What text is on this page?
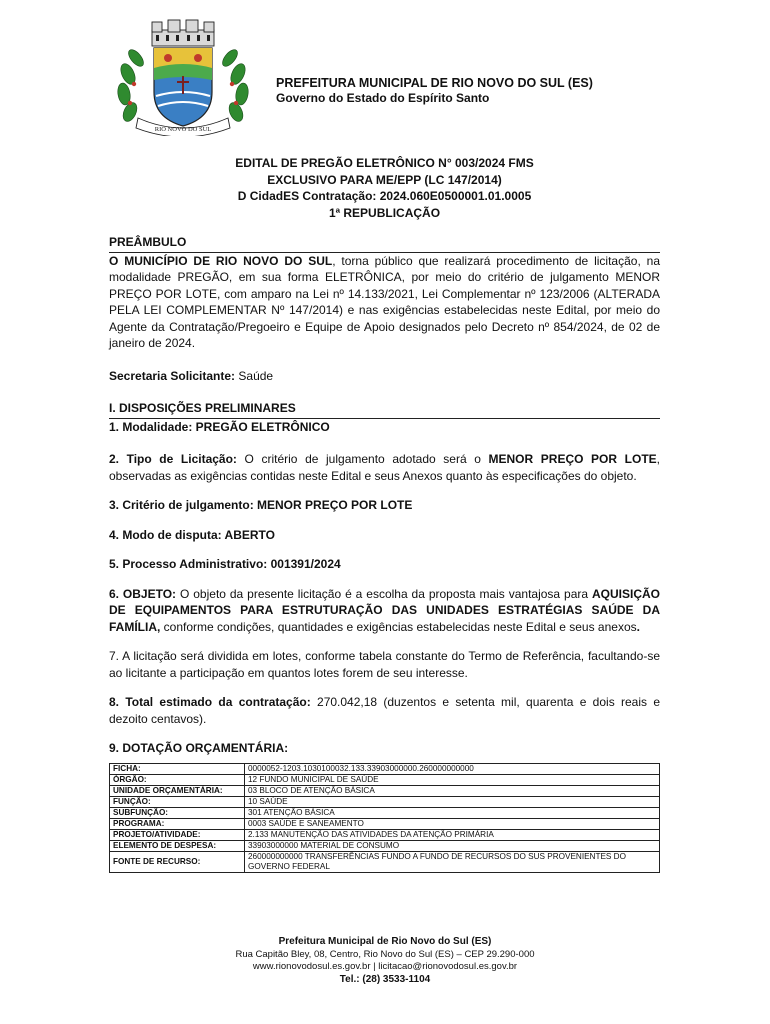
RIO NOVO DO SUL
PREFEITURA MUNICIPAL DE RIO NOVO DO SUL (ES)
Governo do Estado do Espírito Santo
EDITAL DE PREGÃO ELETRÔNICO N° 003/2024 FMS
EXCLUSIVO PARA ME/EPP (LC 147/2014)
D CidadES Contratação: 2024.060E0500001.01.0005
1ª REPUBLICAÇÃO
PREÂMBULO

O MUNICÍPIO DE RIO NOVO DO SUL, torna público que realizará procedimento de licitação, na modalidade PREGÃO, em sua forma ELETRÔNICA, por meio do critério de julgamento MENOR PREÇO POR LOTE, com amparo na Lei nº 14.133/2021, Lei Complementar nº 123/2006 (ALTERADA PELA LEI COMPLEMENTAR Nº 147/2014) e nas exigências estabelecidas neste Edital, por meio do Agente da Contratação/Pregoeiro e Equipe de Apoio designados pelo Decreto nº 854/2024, de 02 de janeiro de 2024.

Secretaria Solicitante: Saúde

I. DISPOSIÇÕES PRELIMINARES

1. Modalidade: PREGÃO ELETRÔNICO

2. Tipo de Licitação: O critério de julgamento adotado será o MENOR PREÇO POR LOTE, observadas as exigências contidas neste Edital e seus Anexos quanto às especificações do objeto.

3. Critério de julgamento: MENOR PREÇO POR LOTE

4. Modo de disputa: ABERTO

5. Processo Administrativo: 001391/2024

6. OBJETO: O objeto da presente licitação é a escolha da proposta mais vantajosa para AQUISIÇÃO DE EQUIPAMENTOS PARA ESTRUTURAÇÃO DAS UNIDADES ESTRATÉGIAS SAÚDE DA FAMÍLIA, conforme condições, quantidades e exigências estabelecidas neste Edital e seus anexos.

7. A licitação será dividida em lotes, conforme tabela constante do Termo de Referência, facultando-se ao licitante a participação em quantos lotes forem de seu interesse.

8. Total estimado da contratação: 270.042,18 (duzentos e setenta mil, quarenta e dois reais e dezoito centavos).

9. DOTAÇÃO ORÇAMENTÁRIA:

FICHA:	0000052-1203.1030100032.133.33903000000.260000000000
ÓRGÃO:	12 FUNDO MUNICIPAL DE SAÚDE
UNIDADE ORÇAMENTÁRIA:	03 BLOCO DE ATENÇÃO BÁSICA
FUNÇÃO:	10 SAÚDE
SUBFUNÇÃO:	301 ATENÇÃO BÁSICA
PROGRAMA:	0003 SAÚDE E SANEAMENTO
PROJETO/ATIVIDADE:	2.133 MANUTENÇÃO DAS ATIVIDADES DA ATENÇÃO PRIMÁRIA
ELEMENTO DE DESPESA:	33903000000 MATERIAL DE CONSUMO
FONTE DE RECURSO:	260000000000 TRANSFERÊNCIAS FUNDO A FUNDO DE RECURSOS DO SUS PROVENIENTES DO GOVERNO FEDERAL
Prefeitura Municipal de Rio Novo do Sul (ES)
Rua Capitão Bley, 08, Centro, Rio Novo do Sul (ES) – CEP 29.290-000
www.rionovodosul.es.gov.br | licitacao@rionovodosul.es.gov.br
Tel.: (28) 3533-1104
